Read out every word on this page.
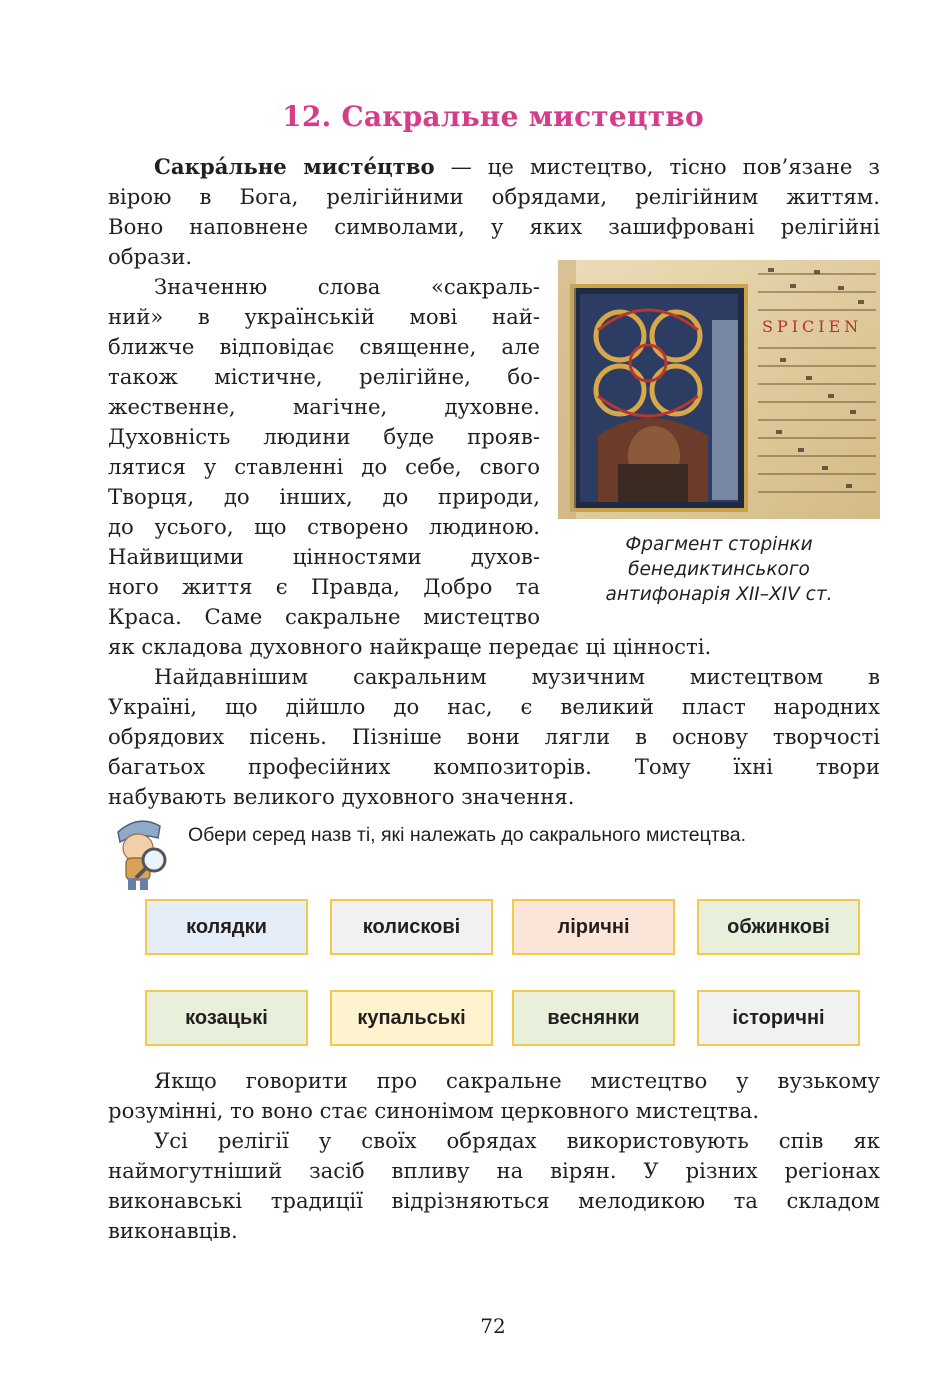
12. Сакральне мистецтво
Сакра́льне мисте́цтво — це мистецтво, тісно пов’язане з
вірою в Бога, релігійними обрядами, релігійним життям.
Воно наповнене символами, у яких зашифровані релігійні
образи.
Значенню слова «сакраль-
ний» в українській мові най-
ближче відповідає священне, але
також містичне, релігійне, бо-
жественне, магічне, духовне.
Духовність людини буде прояв-
лятися у ставленні до себе, свого
Творця, до інших, до природи,
до усього, що створено людиною.
Найвищими цінностями духов-
ного життя є Правда, Добро та
Краса. Саме сакральне мистецтво
SPICIEN
Фрагмент сторінки
бенедиктинського
антифонарія XII–XIV ст.
як складова духовного найкраще передає ці цінності.
Найдавнішим сакральним музичним мистецтвом в
Україні, що дійшло до нас, є великий пласт народних
обрядових пісень. Пізніше вони лягли в основу творчості
багатьох професійних композиторів. Тому їхні твори
набувають великого духовного значення.
Обери серед назв ті, які належать до сакральнoго мистецтва.
колядки	колискові	ліричні	обжинкові
козацькі	купальські	веснянки	історичні
Якщо говорити про сакральне мистецтво у вузькому
розумінні, то воно стає синонімом церковного мистецтва.
Усі релігії у своїх обрядах використовують спів як
наймогутніший засіб впливу на вірян. У різних регіонах
виконавські традиції відрізняються мелодикою та складом
виконавців.
72
